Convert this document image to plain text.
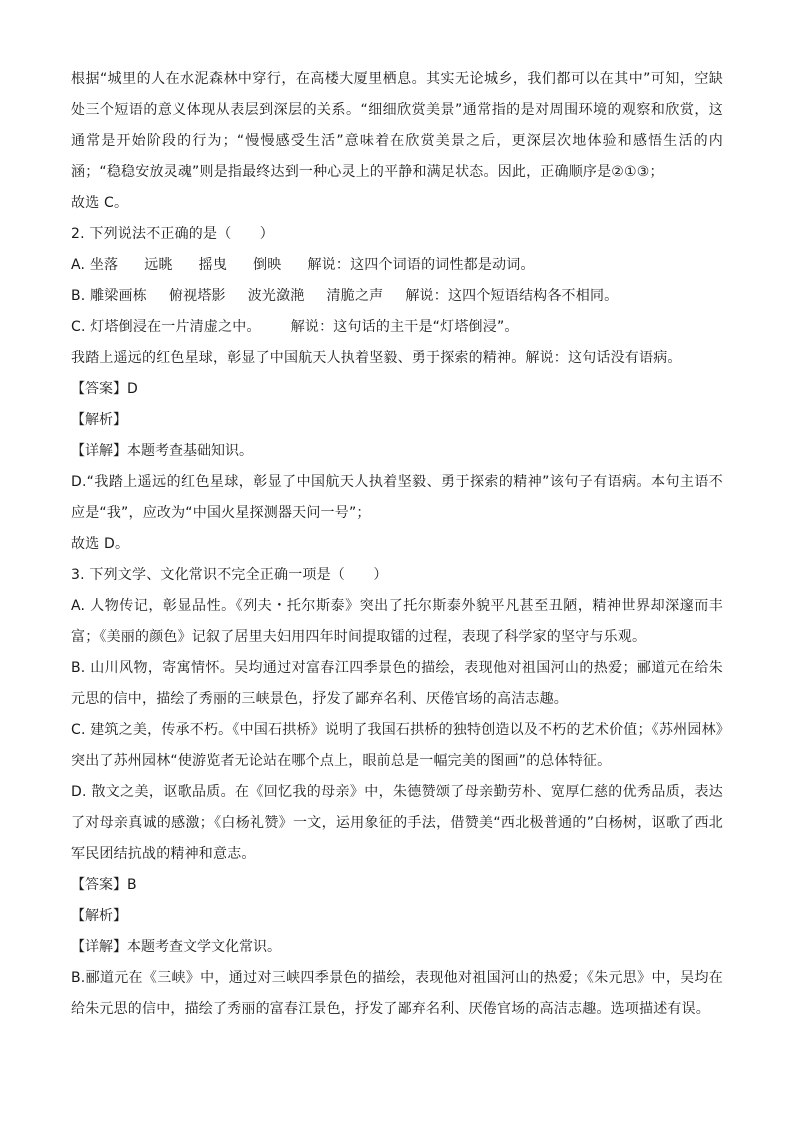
根据“城里的人在水泥森林中穿行，在高楼大厦里栖息。其实无论城乡，我们都可以在其中”可知，空缺处三个短语的意义体现从表层到深层的关系。“细细欣赏美景”通常指的是对周围环境的观察和欣赏，这通常是开始阶段的行为；“慢慢感受生活”意味着在欣赏美景之后，更深层次地体验和感悟生活的内涵；“稳稳安放灵魂”则是指最终达到一种心灵上的平静和满足状态。因此，正确顺序是②①③；

故选 C。

2. 下列说法不正确的是（　　）

A. 坐落 远眺 摇曳 倒映 解说：这四个词语的词性都是动词。

B. 雕梁画栋 俯视塔影 波光潋滟 清脆之声 解说：这四个短语结构各不相同。

C. 灯塔倒浸在一片清虚之中。 解说：这句话的主干是“灯塔倒浸”。

我踏上遥远的红色星球，彰显了中国航天人执着坚毅、勇于探索的精神。解说：这句话没有语病。

【答案】D

【解析】

【详解】本题考查基础知识。

D.“我踏上遥远的红色星球，彰显了中国航天人执着坚毅、勇于探索的精神”该句子有语病。本句主语不应是“我”，应改为“中国火星探测器天问一号”；

故选 D。

3. 下列文学、文化常识不完全正确一项是（　　）

A. 人物传记，彰显品性。《列夫・托尔斯泰》突出了托尔斯泰外貌平凡甚至丑陋，精神世界却深邃而丰富；《美丽的颜色》记叙了居里夫妇用四年时间提取镭的过程，表现了科学家的坚守与乐观。

B. 山川风物，寄寓情怀。吴均通过对富春江四季景色的描绘，表现他对祖国河山的热爱；郦道元在给朱元思的信中，描绘了秀丽的三峡景色，抒发了鄙弃名利、厌倦官场的高洁志趣。

C. 建筑之美，传承不朽。《中国石拱桥》说明了我国石拱桥的独特创造以及不朽的艺术价值；《苏州园林》突出了苏州园林“使游览者无论站在哪个点上，眼前总是一幅完美的图画”的总体特征。

D. 散文之美，讴歌品质。在《回忆我的母亲》中，朱德赞颂了母亲勤劳朴、宽厚仁慈的优秀品质，表达了对母亲真诚的感激；《白杨礼赞》一文，运用象征的手法，借赞美“西北极普通的”白杨树，讴歌了西北军民团结抗战的精神和意志。

【答案】B

【解析】

【详解】本题考查文学文化常识。

B.郦道元在《三峡》中，通过对三峡四季景色的描绘，表现他对祖国河山的热爱；《朱元思》中，吴均在给朱元思的信中，描绘了秀丽的富春江景色，抒发了鄙弃名利、厌倦官场的高洁志趣。选项描述有误。
